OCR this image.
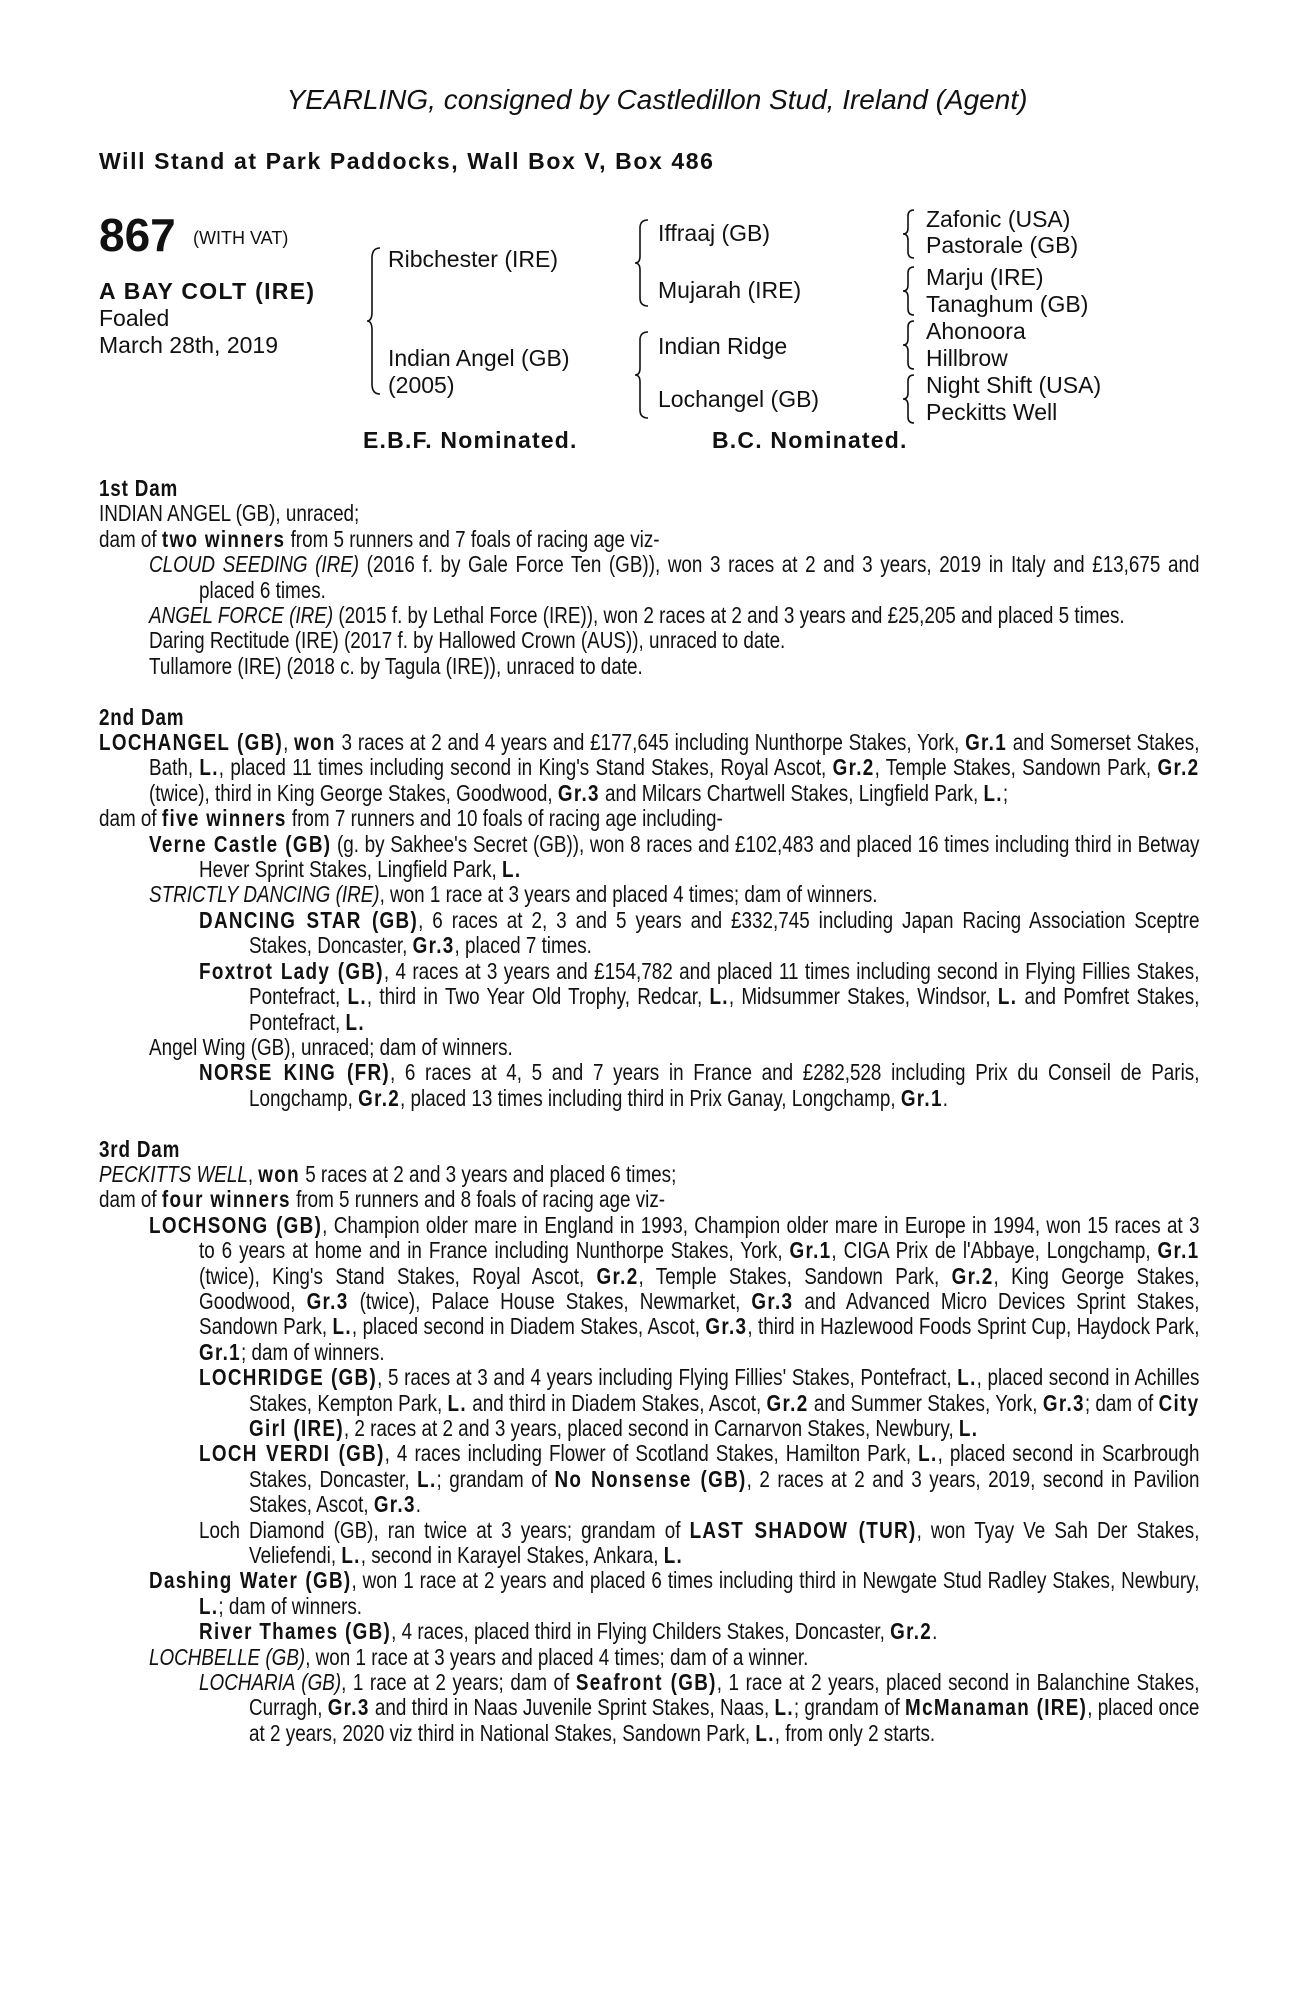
YEARLING, consigned by Castledillon Stud, Ireland (Agent)
Will Stand at Park Paddocks, Wall Box V, Box 486
867 (WITH VAT)
A BAY COLT (IRE)
Foaled
March 28th, 2019
Ribchester (IRE)
Indian Angel (GB)
(2005)
Iffraaj (GB)
Mujarah (IRE)
Indian Ridge
Lochangel (GB)
Zafonic (USA)
Pastorale (GB)
Marju (IRE)
Tanaghum (GB)
Ahonoora
Hillbrow
Night Shift (USA)
Peckitts Well
E.B.F. Nominated.	B.C. Nominated.
1st Dam
INDIAN ANGEL (GB), unraced;
dam of two winners from 5 runners and 7 foals of racing age viz-
CLOUD SEEDING (IRE) (2016 f. by Gale Force Ten (GB)), won 3 races at 2 and 3 years, 2019 in Italy and £13,675 and placed 6 times.
ANGEL FORCE (IRE) (2015 f. by Lethal Force (IRE)), won 2 races at 2 and 3 years and £25,205 and placed 5 times.
Daring Rectitude (IRE) (2017 f. by Hallowed Crown (AUS)), unraced to date.
Tullamore (IRE) (2018 c. by Tagula (IRE)), unraced to date.
2nd Dam
LOCHANGEL (GB), won 3 races at 2 and 4 years and £177,645 including Nunthorpe Stakes, York, Gr.1 and Somerset Stakes, Bath, L., placed 11 times including second in King's Stand Stakes, Royal Ascot, Gr.2, Temple Stakes, Sandown Park, Gr.2 (twice), third in King George Stakes, Goodwood, Gr.3 and Milcars Chartwell Stakes, Lingfield Park, L.;
dam of five winners from 7 runners and 10 foals of racing age including-
Verne Castle (GB) (g. by Sakhee's Secret (GB)), won 8 races and £102,483 and placed 16 times including third in Betway Hever Sprint Stakes, Lingfield Park, L.
STRICTLY DANCING (IRE), won 1 race at 3 years and placed 4 times; dam of winners.
DANCING STAR (GB), 6 races at 2, 3 and 5 years and £332,745 including Japan Racing Association Sceptre Stakes, Doncaster, Gr.3, placed 7 times.
Foxtrot Lady (GB), 4 races at 3 years and £154,782 and placed 11 times including second in Flying Fillies Stakes, Pontefract, L., third in Two Year Old Trophy, Redcar, L., Midsummer Stakes, Windsor, L. and Pomfret Stakes, Pontefract, L.
Angel Wing (GB), unraced; dam of winners.
NORSE KING (FR), 6 races at 4, 5 and 7 years in France and £282,528 including Prix du Conseil de Paris, Longchamp, Gr.2, placed 13 times including third in Prix Ganay, Longchamp, Gr.1.
3rd Dam
PECKITTS WELL, won 5 races at 2 and 3 years and placed 6 times;
dam of four winners from 5 runners and 8 foals of racing age viz-
LOCHSONG (GB), Champion older mare in England in 1993, Champion older mare in Europe in 1994, won 15 races at 3 to 6 years at home and in France including Nunthorpe Stakes, York, Gr.1, CIGA Prix de l'Abbaye, Longchamp, Gr.1 (twice), King's Stand Stakes, Royal Ascot, Gr.2, Temple Stakes, Sandown Park, Gr.2, King George Stakes, Goodwood, Gr.3 (twice), Palace House Stakes, Newmarket, Gr.3 and Advanced Micro Devices Sprint Stakes, Sandown Park, L., placed second in Diadem Stakes, Ascot, Gr.3, third in Hazlewood Foods Sprint Cup, Haydock Park, Gr.1; dam of winners.
LOCHRIDGE (GB), 5 races at 3 and 4 years including Flying Fillies' Stakes, Pontefract, L., placed second in Achilles Stakes, Kempton Park, L. and third in Diadem Stakes, Ascot, Gr.2 and Summer Stakes, York, Gr.3; dam of City Girl (IRE), 2 races at 2 and 3 years, placed second in Carnarvon Stakes, Newbury, L.
LOCH VERDI (GB), 4 races including Flower of Scotland Stakes, Hamilton Park, L., placed second in Scarbrough Stakes, Doncaster, L.; grandam of No Nonsense (GB), 2 races at 2 and 3 years, 2019, second in Pavilion Stakes, Ascot, Gr.3.
Loch Diamond (GB), ran twice at 3 years; grandam of LAST SHADOW (TUR), won Tyay Ve Sah Der Stakes, Veliefendi, L., second in Karayel Stakes, Ankara, L.
Dashing Water (GB), won 1 race at 2 years and placed 6 times including third in Newgate Stud Radley Stakes, Newbury, L.; dam of winners.
River Thames (GB), 4 races, placed third in Flying Childers Stakes, Doncaster, Gr.2.
LOCHBELLE (GB), won 1 race at 3 years and placed 4 times; dam of a winner.
LOCHARIA (GB), 1 race at 2 years; dam of Seafront (GB), 1 race at 2 years, placed second in Balanchine Stakes, Curragh, Gr.3 and third in Naas Juvenile Sprint Stakes, Naas, L.; grandam of McManaman (IRE), placed once at 2 years, 2020 viz third in National Stakes, Sandown Park, L., from only 2 starts.
